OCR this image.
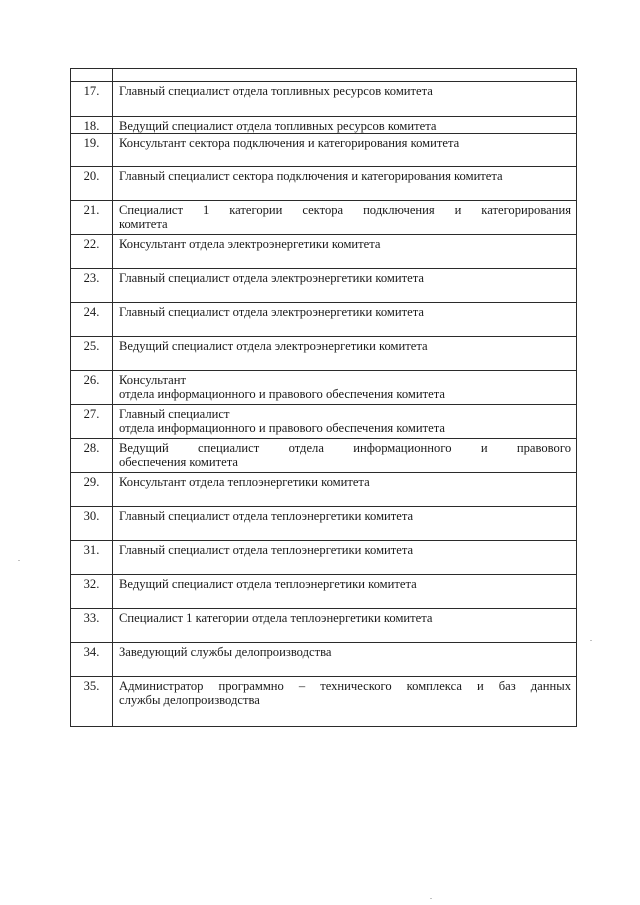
17.	Главный специалист отдела топливных ресурсов комитета
18.	Ведущий специалист отдела топливных ресурсов комитета
19.	Консультант сектора подключения и категорирования комитета
20.	Главный специалист сектора подключения и категорирования комитета
21.	Специалист 1 категории сектора подключения и категорирования
комитета

22.	Консультант отдела электроэнергетики комитета
23.	Главный специалист отдела электроэнергетики комитета
24.	Главный специалист отдела электроэнергетики комитета
25.	Ведущий специалист отдела электроэнергетики комитета
26.	Консультант
отдела информационного и правового обеспечения комитета

27.	Главный специалист
отдела информационного и правового обеспечения комитета

28.	Ведущий специалист отдела информационного и правового
обеспечения комитета

29.	Консультант отдела теплоэнергетики комитета
30.	Главный специалист отдела теплоэнергетики комитета
31.	Главный специалист отдела теплоэнергетики комитета
32.	Ведущий специалист отдела теплоэнергетики комитета
33.	Специалист 1 категории отдела теплоэнергетики комитета
34.	Заведующий службы делопроизводства
35.	Администратор программно – технического комплекса и баз данных
службы делопроизводства
